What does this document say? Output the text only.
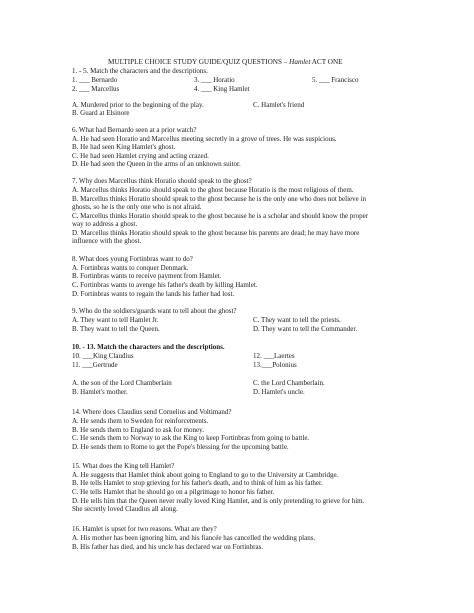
MULTIPLE CHOICE STUDY GUIDE/QUIZ QUESTIONS – Hamlet ACT ONE
1. - 5. Match the characters and the descriptions.
1. ___ Bernardo	3. ___ Horatio	5. ___ Francisco
2. ___ Marcellus	4. ___ King Hamlet
A. Murdered prior to the beginning of the play.	C. Hamlet's friend
B. Guard at Elsinore
6. What had Bernardo seen at a prior watch?
A. He had seen Horatio and Marcellus meeting secretly in a grove of trees. He was suspicious.
B. He had seen King Hamlet's ghost.
C. He had seen Hamlet crying and acting crazed.
D. He had seen the Queen in the arms of an unknown suitor.
7. Why does Marcellus think Horatio should speak to the ghost?
A. Marcellus thinks Horatio should speak to the ghost because Horatio is the most religious of them.
B. Marcellus thinks Horatio should speak to the ghost because he is the only one who does not believe in
ghosts, so he is the only one who is not afraid.
C. Marcellus thinks Horatio should speak to the ghost because he is a scholar and should know the proper
way to address a ghost.
D. Marcellus thinks Horatio should speak to the ghost because his parents are dead; he may have more
influence with the ghost.
8. What does young Fortinbras want to do?
A. Fortinbras wants to conquer Denmark.
B. Fortinbras wants to receive payment from Hamlet.
C. Fortinbras wants to avenge his father's death by killing Hamlet.
D. Fortinbras wants to regain the lands his father had lost.
9. Who do the soldiers/guards want to tell about the ghost?
A. They want to tell Hamlet Jr.	C. They want to tell the priests.
B. They want to tell the Queen.	D. They want to tell the Commander.
10. - 13. Match the characters and the descriptions.
10. ___King Claudius	12. ___Laertes
11. ___Gertrude	13.___Polonius
A. the son of the Lord Chamberlain	C. the Lord Chamberlain.
B. Hamlet's mother.	D. Hamlet's uncle.
14. Where does Claudius send Cornelius and Voltimand?
A. He sends them to Sweden for reinforcements.
B. He sends them to England to ask for money.
C. He sends them to Norway to ask the King to keep Fortinbras from going to battle.
D. He sends them to Rome to get the Pope's blessing for the upcoming battle.
15. What does the King tell Hamlet?
A. He suggests that Hamlet think about going to England to go to the University at Cambridge.
B. He tells Hamlet to stop grieving for his father's death, and to think of him as his father.
C. He tells Hamlet that he should go on a pilgrimage to honor his father.
D. He tells him that the Queen never really loved King Hamlet, and is only pretending to grieve for him.
She secretly loved Claudius all along.
16. Hamlet is upset for two reasons. What are they?
A. His mother has been ignoring him, and his fiancée has cancelled the wedding plans.
B. His father has died, and his uncle has declared war on Fortinbras.
